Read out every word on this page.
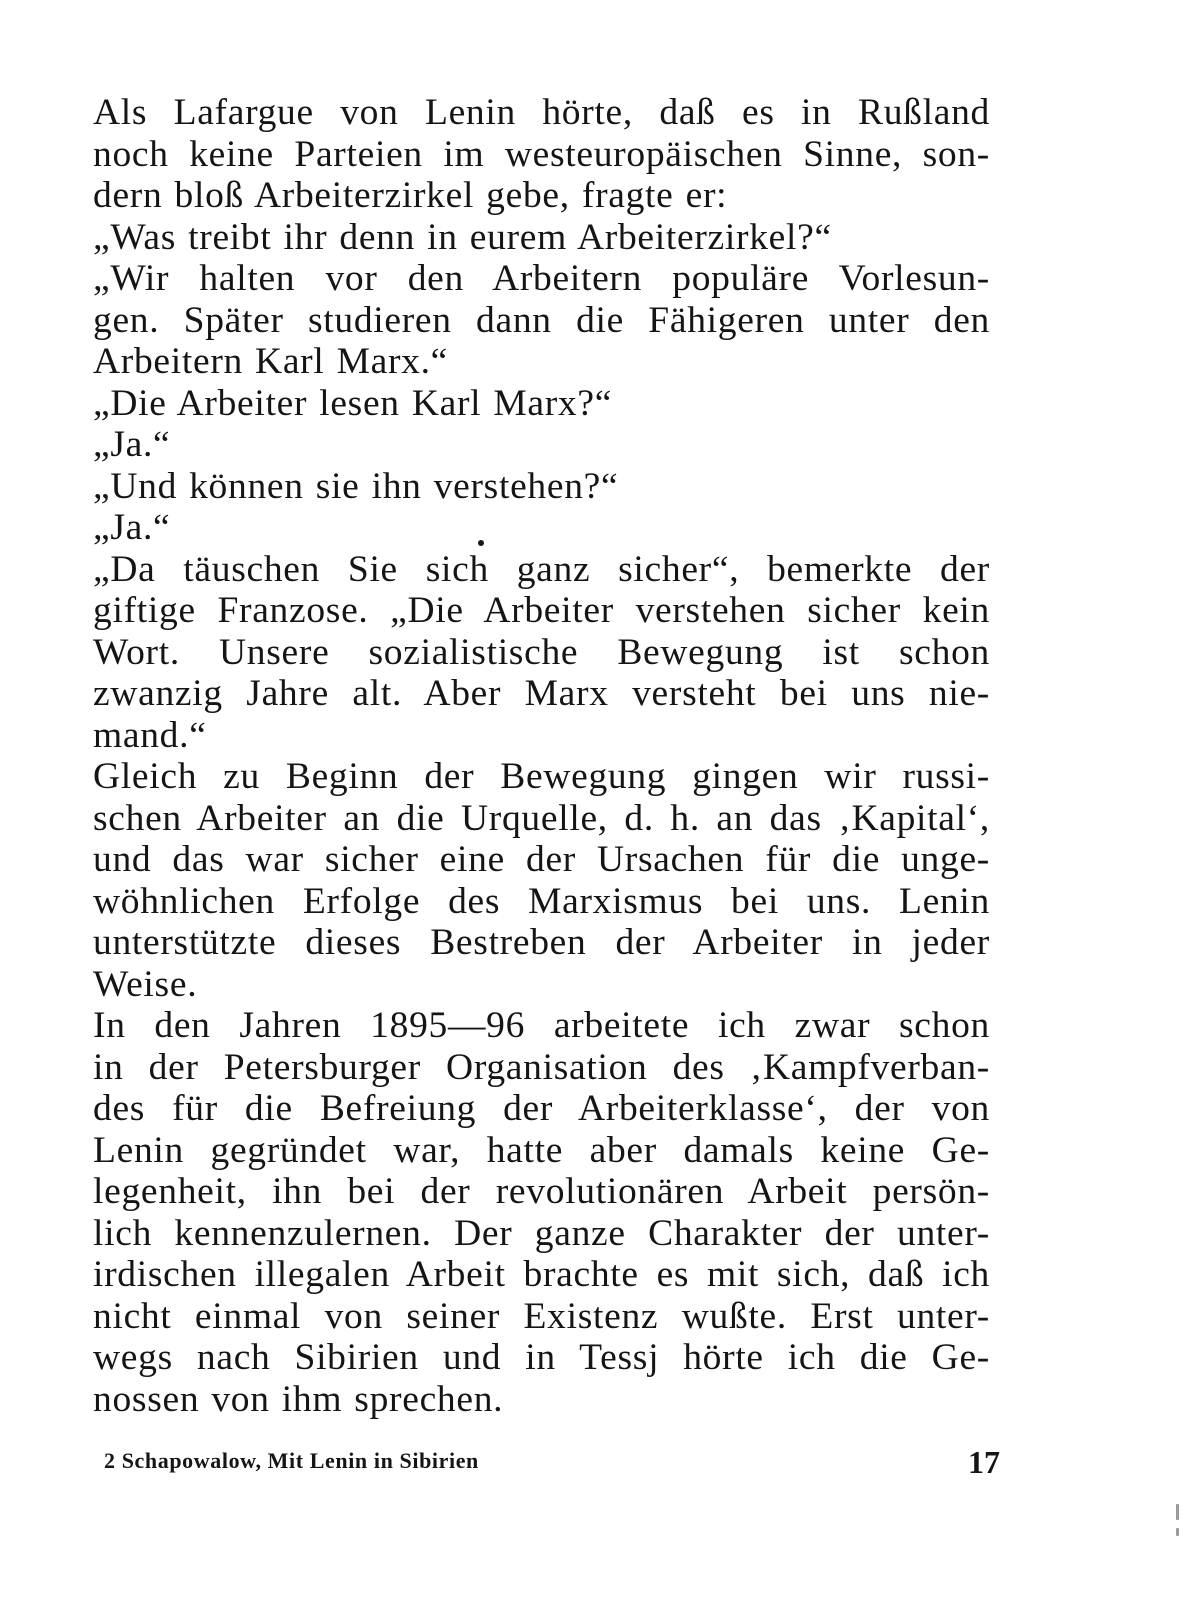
Als Lafargue von Lenin hörte, daß es in Rußland
noch keine Parteien im westeuropäischen Sinne, son-
dern bloß Arbeiterzirkel gebe, fragte er:
„Was treibt ihr denn in eurem Arbeiterzirkel?“
„Wir halten vor den Arbeitern populäre Vorlesun-
gen. Später studieren dann die Fähigeren unter den
Arbeitern Karl Marx.“
„Die Arbeiter lesen Karl Marx?“
„Ja.“
„Und können sie ihn verstehen?“
„Ja.“
„Da täuschen Sie sich ganz sicher“, bemerkte der
giftige Franzose. „Die Arbeiter verstehen sicher kein
Wort. Unsere sozialistische Bewegung ist schon
zwanzig Jahre alt. Aber Marx versteht bei uns nie-
mand.“
Gleich zu Beginn der Bewegung gingen wir russi-
schen Arbeiter an die Urquelle, d. h. an das ‚Kapital‘,
und das war sicher eine der Ursachen für die unge-
wöhnlichen Erfolge des Marxismus bei uns. Lenin
unterstützte dieses Bestreben der Arbeiter in jeder
Weise.
In den Jahren 1895—96 arbeitete ich zwar schon
in der Petersburger Organisation des ‚Kampfverban-
des für die Befreiung der Arbeiterklasse‘, der von
Lenin gegründet war, hatte aber damals keine Ge-
legenheit, ihn bei der revolutionären Arbeit persön-
lich kennenzulernen. Der ganze Charakter der unter-
irdischen illegalen Arbeit brachte es mit sich, daß ich
nicht einmal von seiner Existenz wußte. Erst unter-
wegs nach Sibirien und in Tessj hörte ich die Ge-
nossen von ihm sprechen.
2 Schapowalow, Mit Lenin in Sibirien	17
